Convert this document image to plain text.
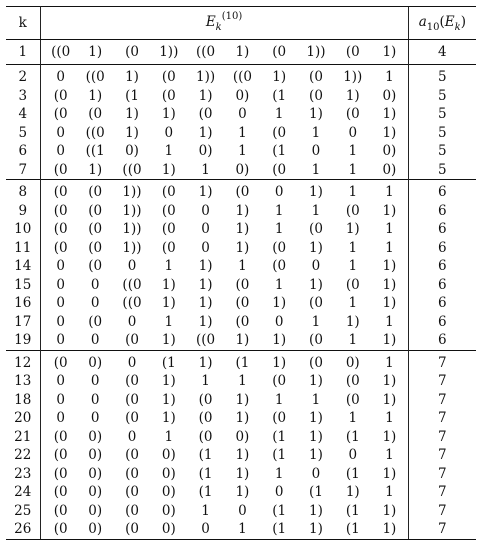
k	$E_k^{(10)}$										$a_{10}(E_k)$
1	((0	1)	(0	1))	((0	1)	(0	1))	(0	1)	4

2	0	((0	1)	(0	1))	((0	1)	(0	1))	1	5
3	(0	1)	(1	(0	1)	0)	(1	(0	1)	0)	5
4	(0	(0	1)	1)	(0	0	1	1)	(0	1)	5
5	0	((0	1)	0	1)	1	(0	1	0	1)	5
6	0	((1	0)	1	0)	1	(1	0	1	0)	5
7	(0	1)	((0	1)	1	0)	(0	1	1	0)	5

8	(0	(0	1))	(0	1)	(0	0	1)	1	1	6
9	(0	(0	1))	(0	0	1)	1	1	(0	1)	6
10	(0	(0	1))	(0	0	1)	1	(0	1)	1	6
11	(0	(0	1))	(0	0	1)	(0	1)	1	1	6
14	0	(0	0	1	1)	1	(0	0	1	1)	6
15	0	0	((0	1)	1)	(0	1	1)	(0	1)	6
16	0	0	((0	1)	1)	(0	1)	(0	1	1)	6
17	0	(0	0	1	1)	(0	0	1	1)	1	6
19	0	0	(0	1)	((0	1)	1)	(0	1	1)	6

12	(0	0)	0	(1	1)	(1	1)	(0	0)	1	7
13	0	0	(0	1)	1	1	(0	1)	(0	1)	7
18	0	0	(0	1)	(0	1)	1	1	(0	1)	7
20	0	0	(0	1)	(0	1)	(0	1)	1	1	7
21	(0	0)	0	1	(0	0)	(1	1)	(1	1)	7
22	(0	0)	(0	0)	(1	1)	(1	1)	0	1	7
23	(0	0)	(0	0)	(1	1)	1	0	(1	1)	7
24	(0	0)	(0	0)	(1	1)	0	(1	1)	1	7
25	(0	0)	(0	0)	1	0	(1	1)	(1	1)	7
26	(0	0)	(0	0)	0	1	(1	1)	(1	1)	7
